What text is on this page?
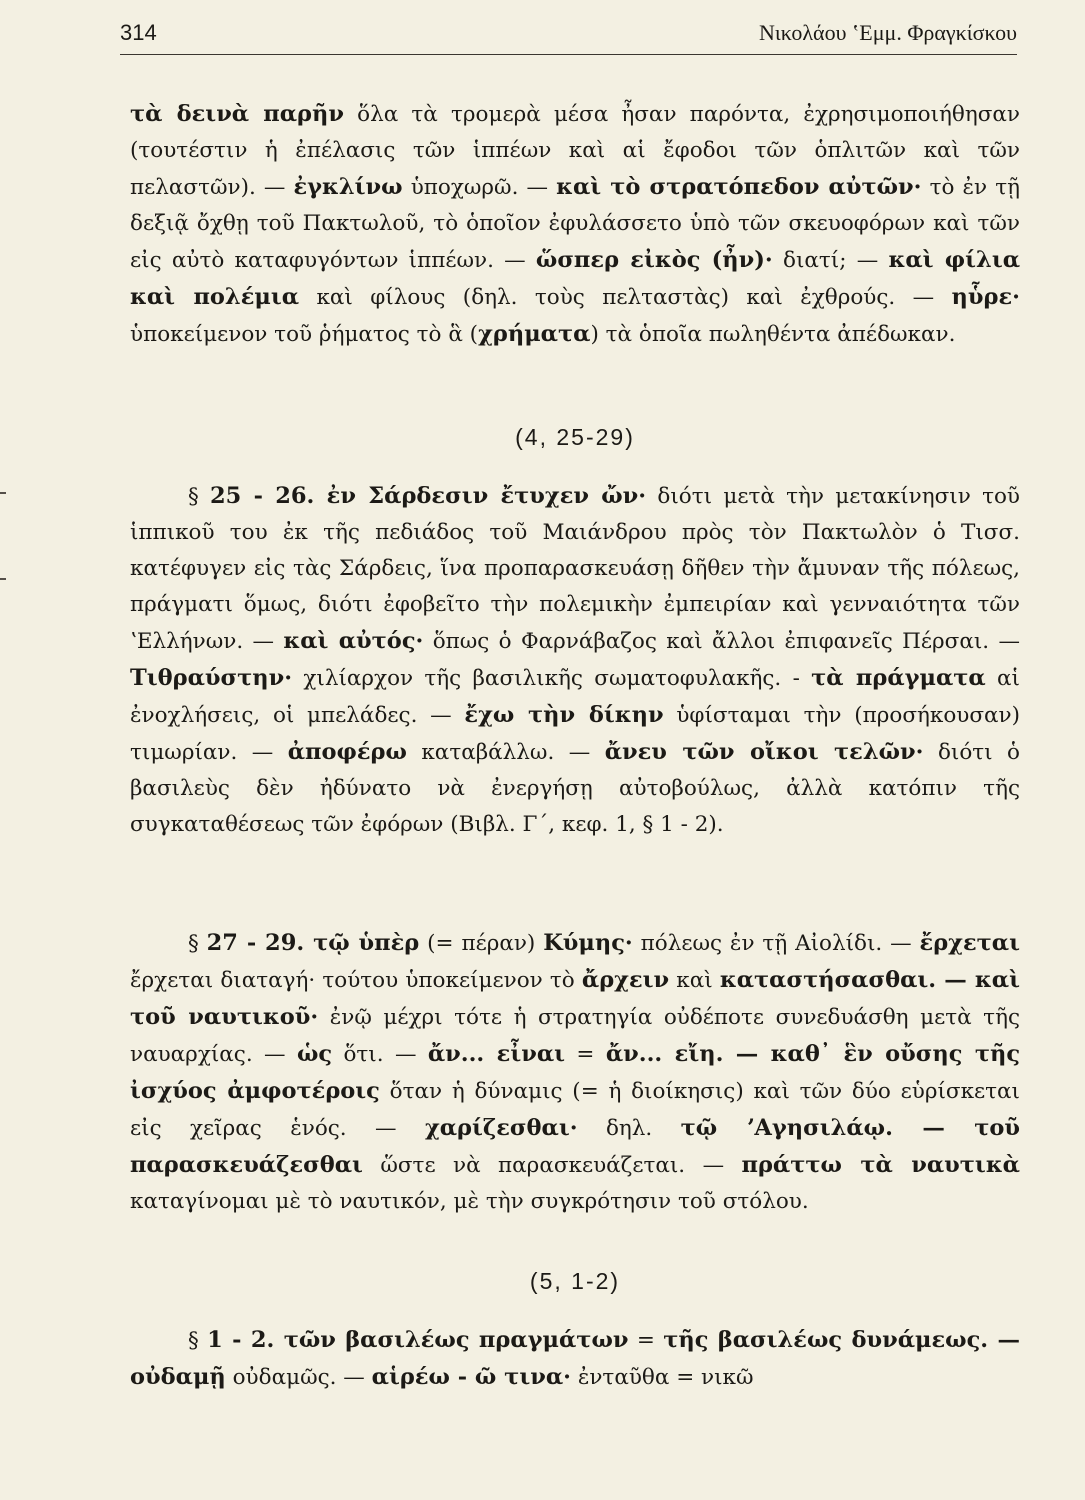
314	Νικολάου ʽΕμμ. Φραγκίσκου

τὰ δεινὰ παρῆν ὅλα τὰ τρομερὰ μέσα ἦσαν παρόντα, ἐχρησιμοποιήθησαν (τουτέστιν ἡ ἐπέλασις τῶν ἱππέων καὶ αἱ ἔφοδοι τῶν ὁπλιτῶν καὶ τῶν πελαστῶν). — ἐγκλίνω ὑποχωρῶ. — καὶ τὸ στρατόπεδον αὐτῶν· τὸ ἐν τῇ δεξιᾷ ὄχθῃ τοῦ Πακτωλοῦ, τὸ ὁποῖον ἐφυλάσσετο ὑπὸ τῶν σκευοφόρων καὶ τῶν εἰς αὐτὸ καταφυγόντων ἱππέων. — ὥσπερ εἰκὸς (ἦν)· διατί; — καὶ φίλια καὶ πολέμια καὶ φίλους (δηλ. τοὺς πελταστὰς) καὶ ἐχθρούς. — ηὗρε· ὑποκείμενον τοῦ ῥήματος τὸ ἃ (χρήματα) τὰ ὁποῖα πωληθέντα ἀπέδωκαν.

(4, 25-29)

§ 25 - 26. ἐν Σάρδεσιν ἔτυχεν ὤν· διότι μετὰ τὴν μετακίνησιν τοῦ ἱππικοῦ του ἐκ τῆς πεδιάδος τοῦ Μαιάνδρου πρὸς τὸν Πακτωλὸν ὁ Τισσ. κατέφυγεν εἰς τὰς Σάρδεις, ἵνα προπαρασκευάσῃ δῆθεν τὴν ἄμυναν τῆς πόλεως, πράγματι ὅμως, διότι ἐφοβεῖτο τὴν πολεμικὴν ἐμπειρίαν καὶ γενναιότητα τῶν ʽΕλλήνων. — καὶ αὐτός· ὅπως ὁ Φαρνάβαζος καὶ ἄλλοι ἐπιφανεῖς Πέρσαι. — Τιθραύστην· χιλίαρχον τῆς βασιλικῆς σωματοφυλακῆς. - τὰ πράγματα αἱ ἐνοχλήσεις, οἱ μπελάδες. — ἔχω τὴν δίκην ὑφίσταμαι τὴν (προσήκουσαν) τιμωρίαν. — ἀποφέρω καταβάλλω. — ἄνευ τῶν οἴκοι τελῶν· διότι ὁ βασιλεὺς δὲν ἠδύνατο νὰ ἐνεργήσῃ αὐτοβούλως, ἀλλὰ κατόπιν τῆς συγκαταθέσεως τῶν ἐφόρων (Βιβλ. Γ΄, κεφ. 1, § 1 - 2).

§ 27 - 29. τῷ ὑπὲρ (= πέραν) Κύμης· πόλεως ἐν τῇ Αἰολίδι. — ἔρχεται ἔρχεται διαταγή· τούτου ὑποκείμενον τὸ ἄρχειν καὶ καταστήσασθαι. — καὶ τοῦ ναυτικοῦ· ἐνῷ μέχρι τότε ἡ στρατηγία οὐδέποτε συνεδυάσθη μετὰ τῆς ναυαρχίας. — ὡς ὅτι. — ἄν... εἶναι = ἄν... εἴη. — καθ᾽ ἓν οὔσης τῆς ἰσχύος ἀμφοτέροις ὅταν ἡ δύναμις (= ἡ διοίκησις) καὶ τῶν δύο εὑρίσκεται εἰς χεῖρας ἑνός. — χαρίζεσθαι· δηλ. τῷ ʼΑγησιλάῳ. — τοῦ παρασκευάζεσθαι ὥστε νὰ παρασκευάζεται. — πράττω τὰ ναυτικὰ καταγίνομαι μὲ τὸ ναυτικόν, μὲ τὴν συγκρότησιν τοῦ στόλου.

(5, 1-2)

§ 1 - 2. τῶν βασιλέως πραγμάτων = τῆς βασιλέως δυνάμεως. — οὐδαμῇ οὐδαμῶς. — αἱρέω - ῶ τινα· ἐνταῦθα = νικῶ
